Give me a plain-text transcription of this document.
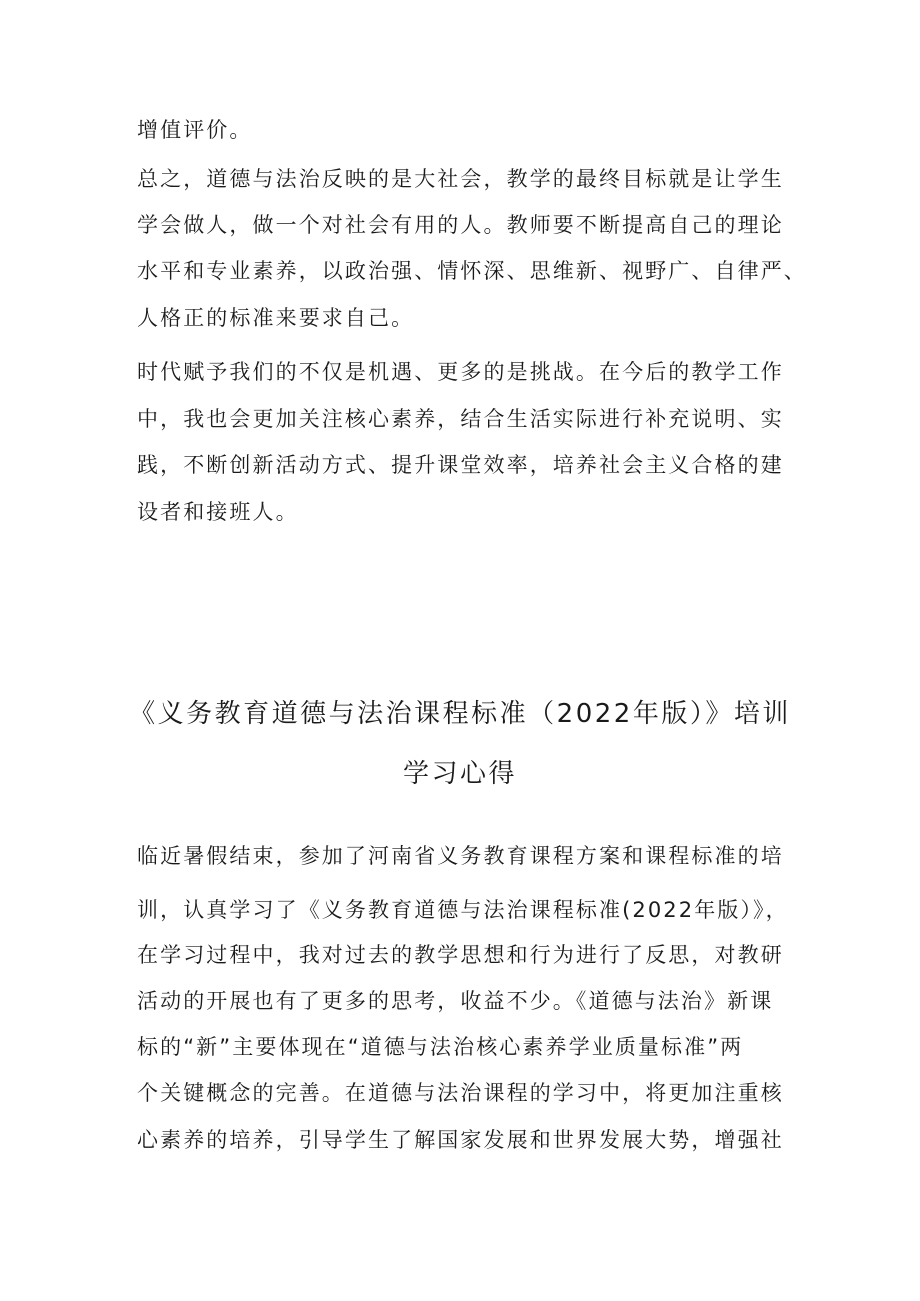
增值评价。
总之，道德与法治反映的是大社会，教学的最终目标就是让学生
学会做人，做一个对社会有用的人。教师要不断提高自己的理论
水平和专业素养，以政治强、情怀深、思维新、视野广、自律严、
人格正的标准来要求自己。
时代赋予我们的不仅是机遇、更多的是挑战。在今后的教学工作
中，我也会更加关注核心素养，结合生活实际进行补充说明、实
践，不断创新活动方式、提升课堂效率，培养社会主义合格的建
设者和接班人。
《义务教育道德与法治课程标准（2022年版）》培训
学习心得
临近暑假结束，参加了河南省义务教育课程方案和课程标准的培
训，认真学习了《义务教育道德与法治课程标准(2022年版）》，
在学习过程中，我对过去的教学思想和行为进行了反思，对教研
活动的开展也有了更多的思考，收益不少。《道德与法治》新课
标的“新”主要体现在“道德与法治核心素养学业质量标准”两
个关键概念的完善。在道德与法治课程的学习中，将更加注重核
心素养的培养，引导学生了解国家发展和世界发展大势，增强社
